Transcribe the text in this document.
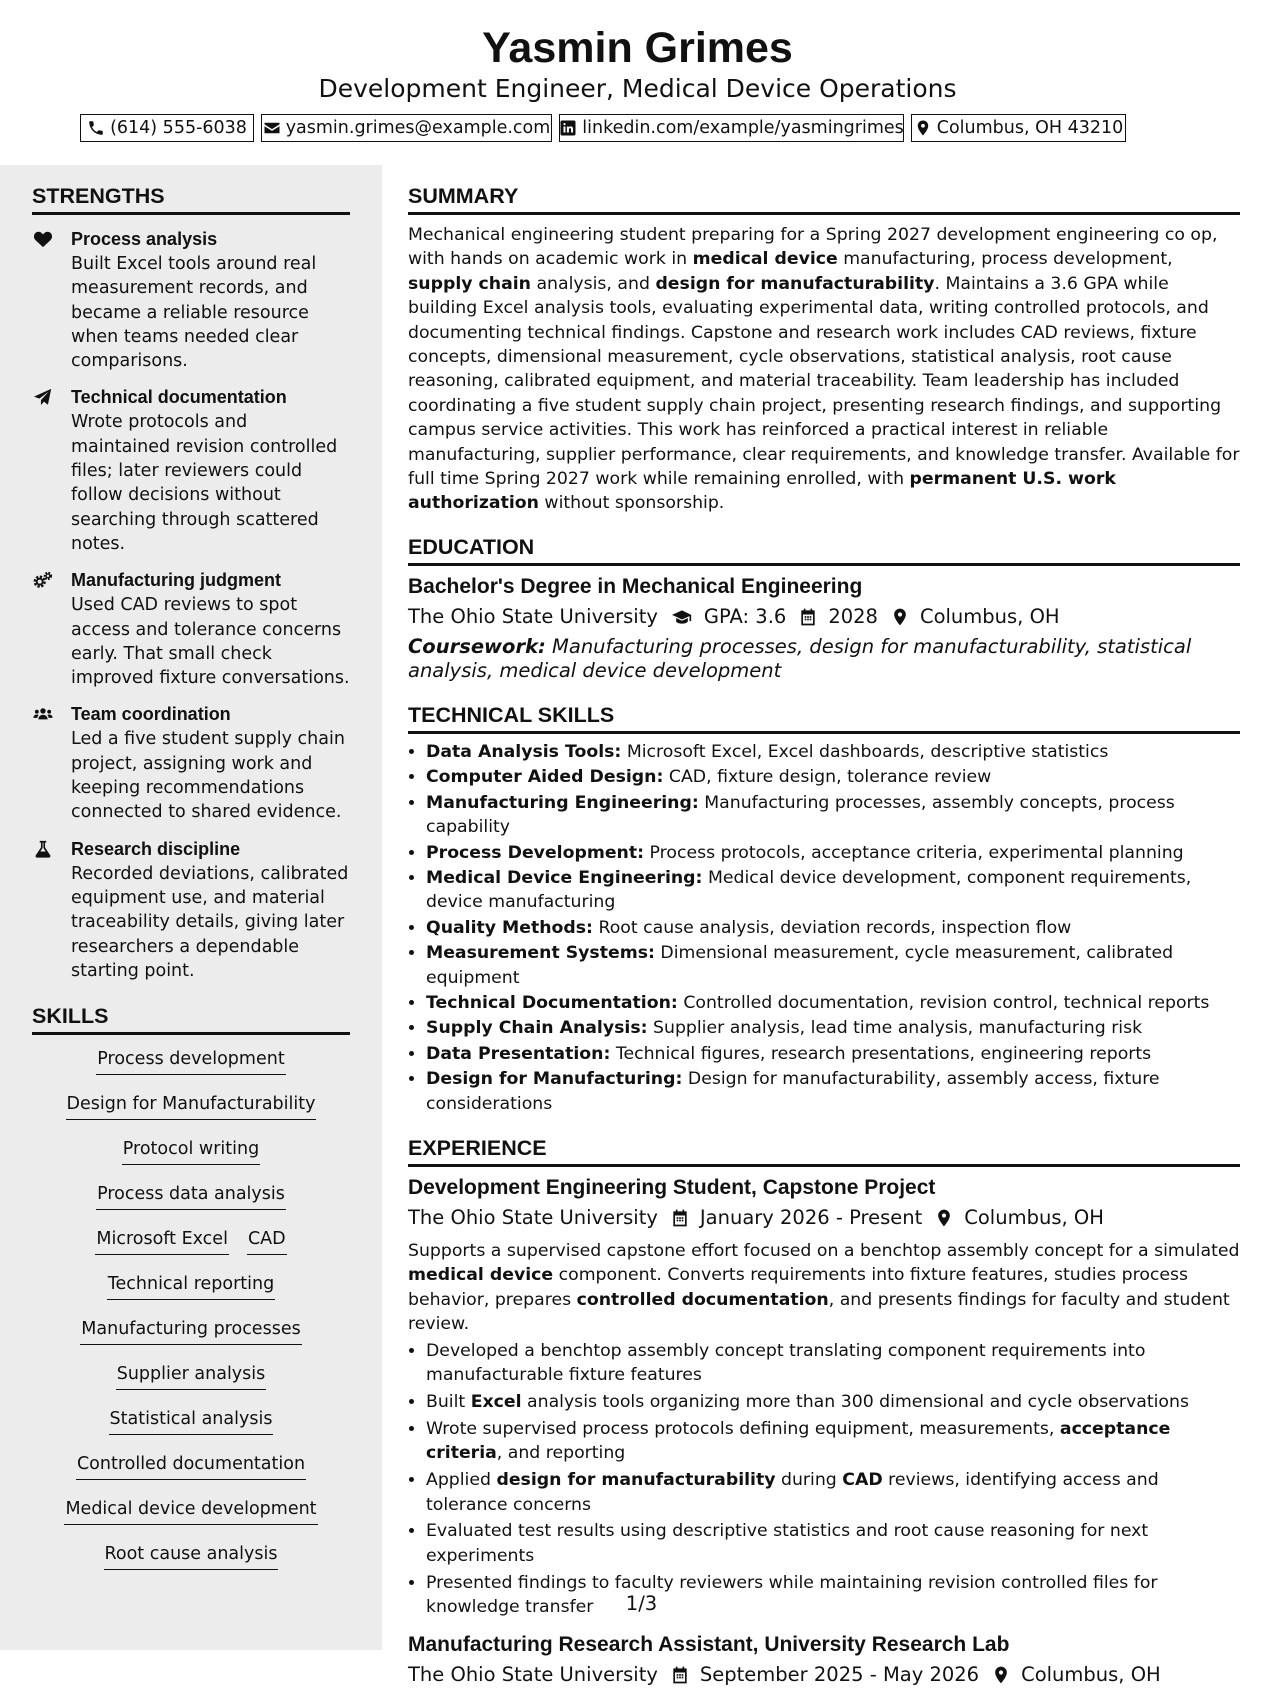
Yasmin Grimes
Development Engineer, Medical Device Operations
(614) 555-6038 yasmin.grimes@example.com linkedin.com/example/yasmingrimes Columbus, OH 43210
STRENGTHS
Process analysis
Built Excel tools around real measurement records, and became a reliable resource when teams needed clear comparisons.
Technical documentation
Wrote protocols and maintained revision controlled files; later reviewers could follow decisions without searching through scattered notes.
Manufacturing judgment
Used CAD reviews to spot access and tolerance concerns early. That small check improved fixture conversations.
Team coordination
Led a five student supply chain project, assigning work and keeping recommendations connected to shared evidence.
Research discipline
Recorded deviations, calibrated equipment use, and material traceability details, giving later researchers a dependable starting point.
SKILLS
Process development
Design for Manufacturability
Protocol writing
Process data analysis
Microsoft Excel CAD
Technical reporting
Manufacturing processes
Supplier analysis
Statistical analysis
Controlled documentation
Medical device development
Root cause analysis
SUMMARY

Mechanical engineering student preparing for a Spring 2027 development engineering co op, with hands on academic work in medical device manufacturing, process development, supply chain analysis, and design for manufacturability. Maintains a 3.6 GPA while building Excel analysis tools, evaluating experimental data, writing controlled protocols, and documenting technical findings. Capstone and research work includes CAD reviews, fixture concepts, dimensional measurement, cycle observations, statistical analysis, root cause reasoning, calibrated equipment, and material traceability. Team leadership has included coordinating a five student supply chain project, presenting research findings, and supporting campus service activities. This work has reinforced a practical interest in reliable manufacturing, supplier performance, clear requirements, and knowledge transfer. Available for full time Spring 2027 work while remaining enrolled, with permanent U.S. work authorization without sponsorship.

EDUCATION
Bachelor's Degree in Mechanical Engineering
The Ohio State University GPA: 3.6 2028 Columbus, OH
Coursework: Manufacturing processes, design for manufacturability, statistical analysis, medical device development
TECHNICAL SKILLS
• Data Analysis Tools: Microsoft Excel, Excel dashboards, descriptive statistics
• Computer Aided Design: CAD, fixture design, tolerance review
• Manufacturing Engineering: Manufacturing processes, assembly concepts, process capability
• Process Development: Process protocols, acceptance criteria, experimental planning
• Medical Device Engineering: Medical device development, component requirements, device manufacturing
• Quality Methods: Root cause analysis, deviation records, inspection flow
• Measurement Systems: Dimensional measurement, cycle measurement, calibrated equipment
• Technical Documentation: Controlled documentation, revision control, technical reports
• Supply Chain Analysis: Supplier analysis, lead time analysis, manufacturing risk
• Data Presentation: Technical figures, research presentations, engineering reports
• Design for Manufacturing: Design for manufacturability, assembly access, fixture considerations
EXPERIENCE
Development Engineering Student, Capstone Project
The Ohio State University January 2026 - Present Columbus, OH

Supports a supervised capstone effort focused on a benchtop assembly concept for a simulated medical device component. Converts requirements into fixture features, studies process behavior, prepares controlled documentation, and presents findings for faculty and student review.

• Developed a benchtop assembly concept translating component requirements into manufacturable fixture features
• Built Excel analysis tools organizing more than 300 dimensional and cycle observations
• Wrote supervised process protocols defining equipment, measurements, acceptance criteria, and reporting
• Applied design for manufacturability during CAD reviews, identifying access and tolerance concerns
• Evaluated test results using descriptive statistics and root cause reasoning for next experiments
• Presented findings to faculty reviewers while maintaining revision controlled files for knowledge transfer
Manufacturing Research Assistant, University Research Lab
The Ohio State University September 2025 - May 2026 Columbus, OH
1/3
